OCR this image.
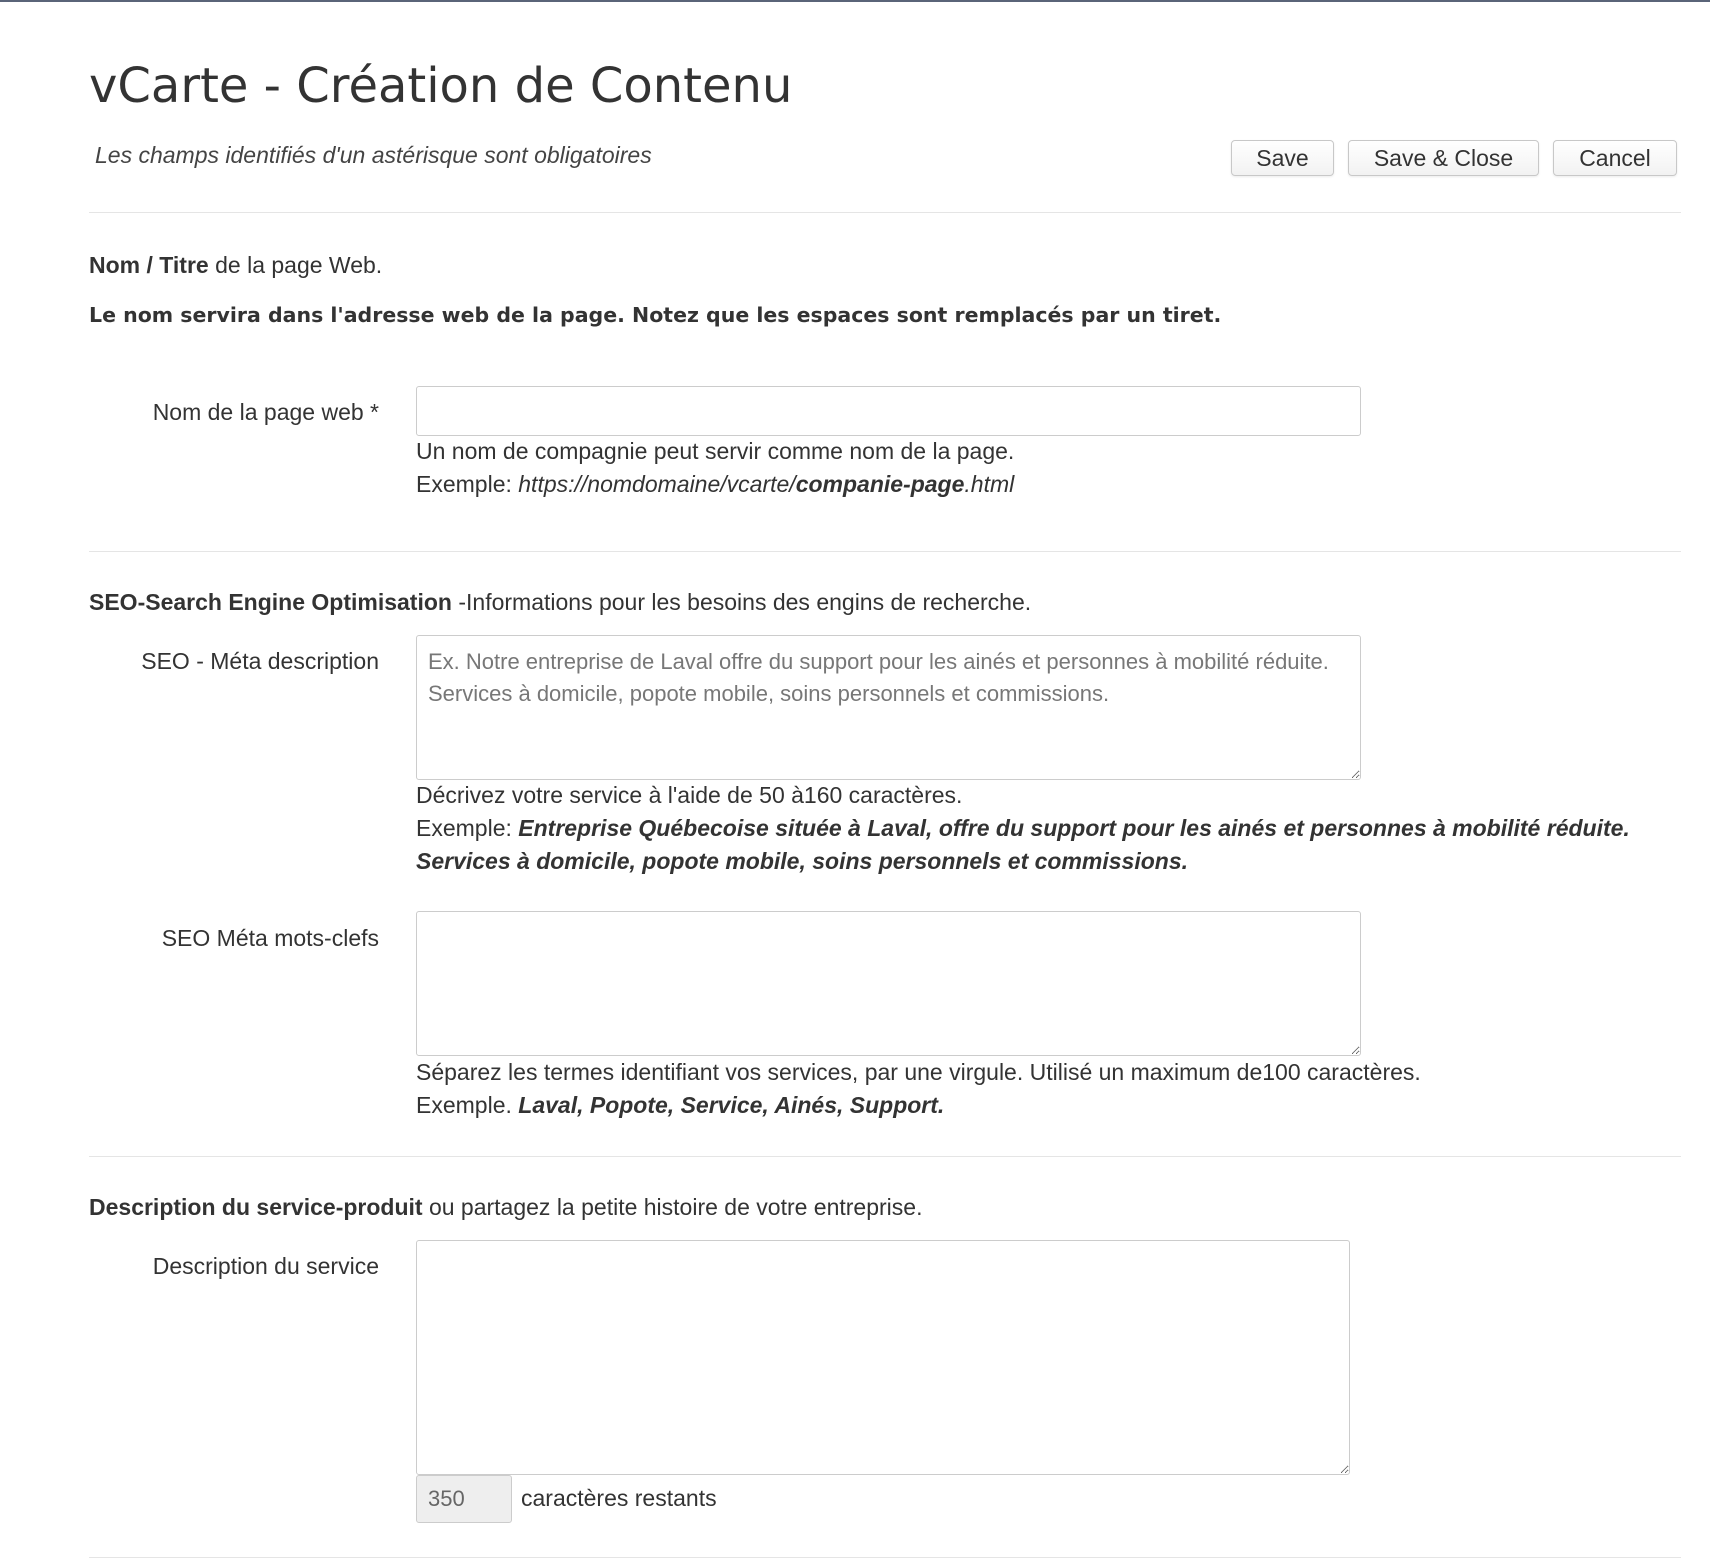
vCarte - Création de Contenu
Les champs identifiés d'un astérisque sont obligatoires	Save	Save & Close	Cancel
Nom / Titre de la page Web.
Le nom servira dans l'adresse web de la page. Notez que les espaces sont remplacés par un tiret.
Nom de la page web *
Un nom de compagnie peut servir comme nom de la page.
Exemple: https://nomdomaine/vcarte/companie-page.html
SEO-Search Engine Optimisation -Informations pour les besoins des engins de recherche.
SEO - Méta description
Ex. Notre entreprise de Laval offre du support pour les ainés et personnes à mobilité réduite. Services à domicile, popote mobile, soins personnels et commissions.
Décrivez votre service à l'aide de 50 à160 caractères.
Exemple: Entreprise Québecoise située à Laval, offre du support pour les ainés et personnes à mobilité réduite. Services à domicile, popote mobile, soins personnels et commissions.
SEO Méta mots-clefs
Séparez les termes identifiant vos services, par une virgule. Utilisé un maximum de100 caractères.
Exemple. Laval, Popote, Service, Ainés, Support.
Description du service-produit ou partagez la petite histoire de votre entreprise.
Description du service
350	caractères restants
